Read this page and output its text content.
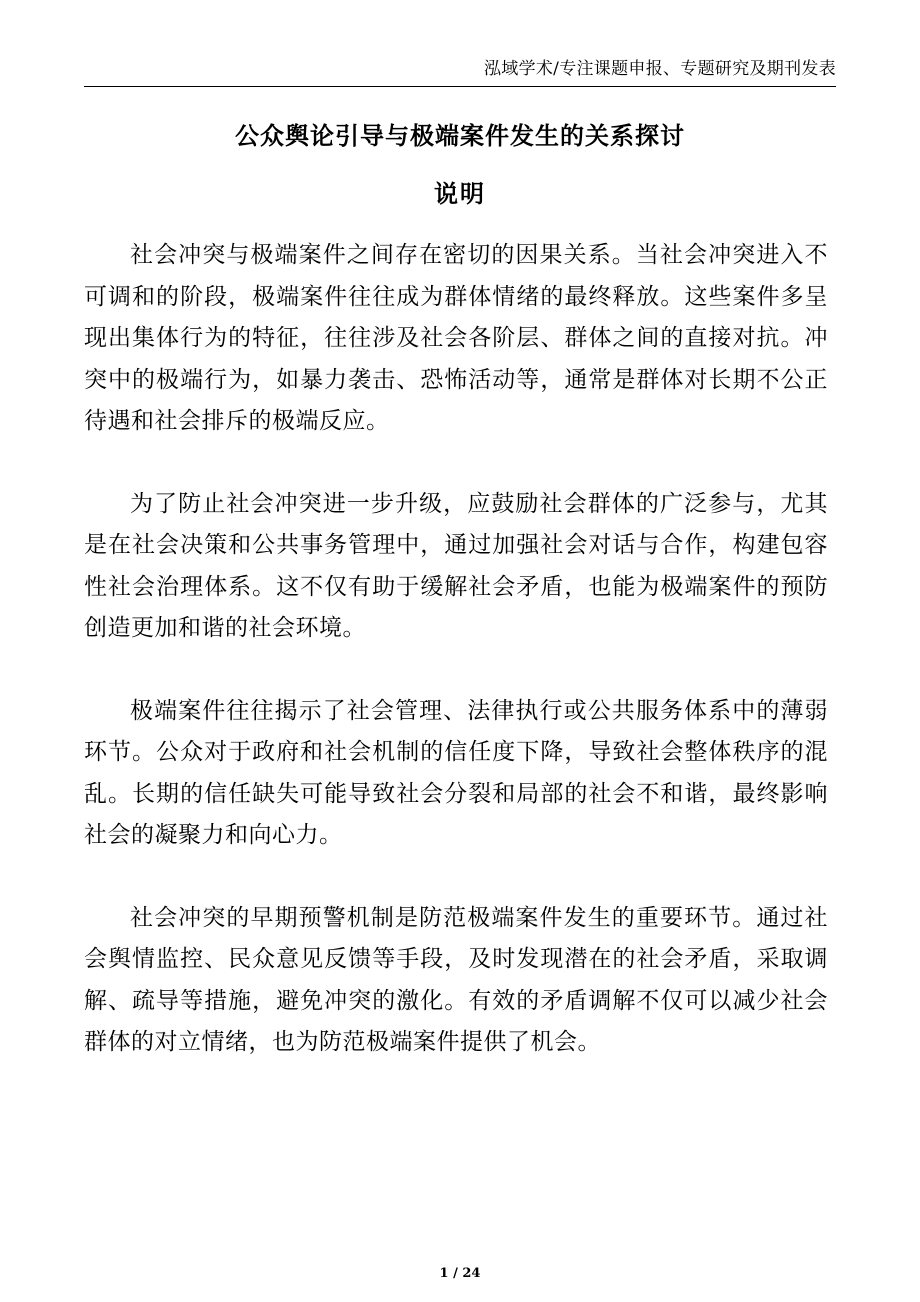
泓域学术/专注课题申报、专题研究及期刊发表
公众舆论引导与极端案件发生的关系探讨
说明

社会冲突与极端案件之间存在密切的因果关系。当社会冲突进入不可调和的阶段，极端案件往往成为群体情绪的最终释放。这些案件多呈现出集体行为的特征，往往涉及社会各阶层、群体之间的直接对抗。冲突中的极端行为，如暴力袭击、恐怖活动等，通常是群体对长期不公正待遇和社会排斥的极端反应。

为了防止社会冲突进一步升级，应鼓励社会群体的广泛参与，尤其是在社会决策和公共事务管理中，通过加强社会对话与合作，构建包容性社会治理体系。这不仅有助于缓解社会矛盾，也能为极端案件的预防创造更加和谐的社会环境。

极端案件往往揭示了社会管理、法律执行或公共服务体系中的薄弱环节。公众对于政府和社会机制的信任度下降，导致社会整体秩序的混乱。长期的信任缺失可能导致社会分裂和局部的社会不和谐，最终影响社会的凝聚力和向心力。

社会冲突的早期预警机制是防范极端案件发生的重要环节。通过社会舆情监控、民众意见反馈等手段，及时发现潜在的社会矛盾，采取调解、疏导等措施，避免冲突的激化。有效的矛盾调解不仅可以减少社会群体的对立情绪，也为防范极端案件提供了机会。

1 / 24
